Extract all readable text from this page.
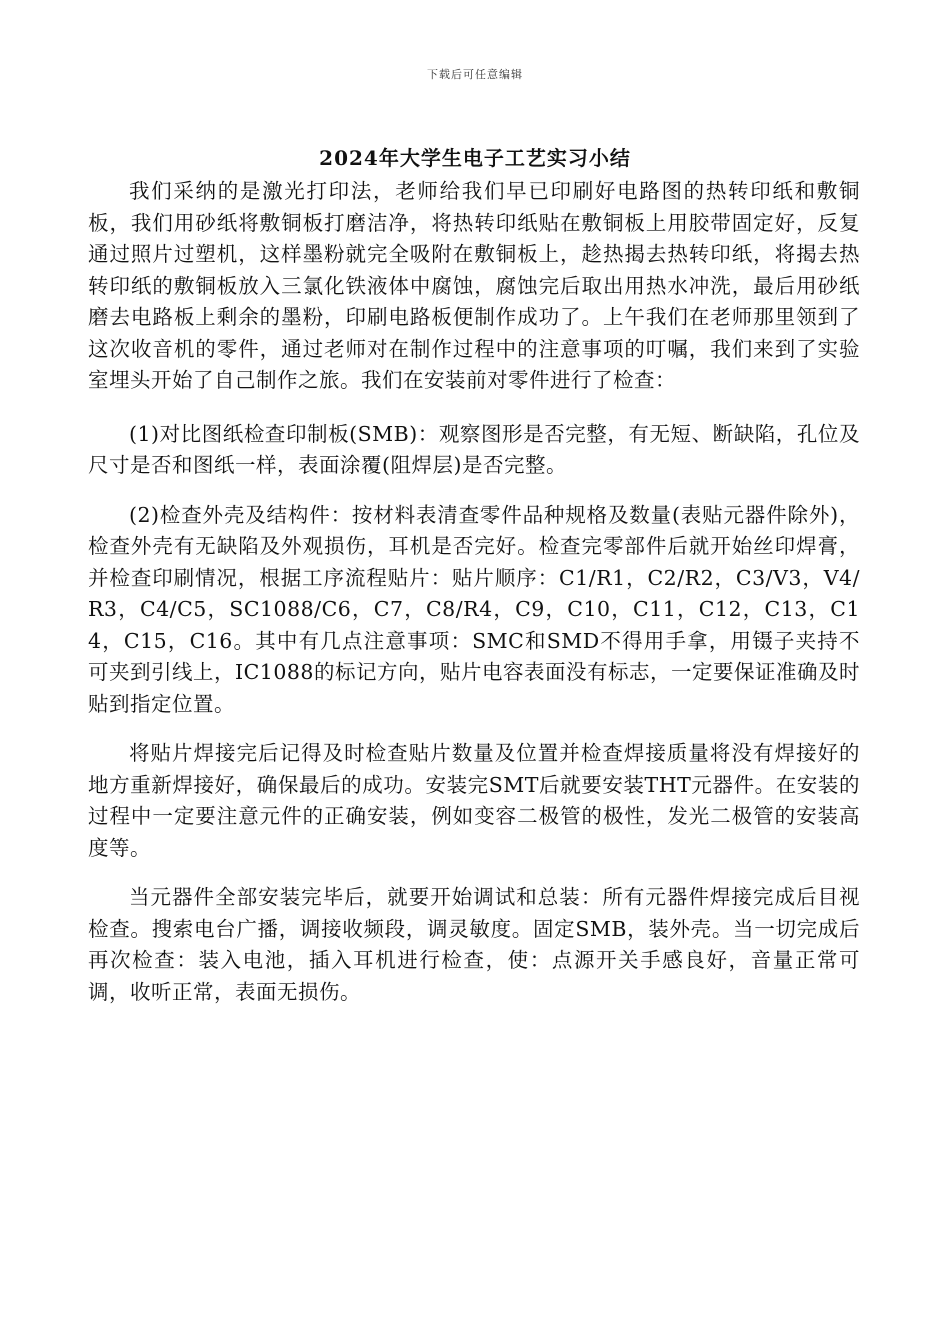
下载后可任意编辑
2024年大学生电子工艺实习小结

我们采纳的是激光打印法，老师给我们早已印刷好电路图的热转印纸和敷铜板，我们用砂纸将敷铜板打磨洁净，将热转印纸贴在敷铜板上用胶带固定好，反复通过照片过塑机，这样墨粉就完全吸附在敷铜板上，趁热揭去热转印纸，将揭去热转印纸的敷铜板放入三氯化铁液体中腐蚀，腐蚀完后取出用热水冲洗，最后用砂纸磨去电路板上剩余的墨粉，印刷电路板便制作成功了。上午我们在老师那里领到了这次收音机的零件，通过老师对在制作过程中的注意事项的叮嘱，我们来到了实验室埋头开始了自己制作之旅。我们在安装前对零件进行了检查：

(1)对比图纸检查印制板(SMB)：观察图形是否完整，有无短、断缺陷，孔位及尺寸是否和图纸一样，表面涂覆(阻焊层)是否完整。

(2)检查外壳及结构件：按材料表清查零件品种规格及数量(表贴元器件除外)，检查外壳有无缺陷及外观损伤，耳机是否完好。检查完零部件后就开始丝印焊膏，并检查印刷情况，根据工序流程贴片：贴片顺序：C1/R1，C2/R2，C3/V3，V4/R3，C4/C5，SC1088/C6，C7，C8/R4，C9，C10，C11，C12，C13，C14，C15，C16。其中有几点注意事项：SMC和SMD不得用手拿，用镊子夹持不可夹到引线上，IC1088的标记方向，贴片电容表面没有标志，一定要保证准确及时贴到指定位置。

将贴片焊接完后记得及时检查贴片数量及位置并检查焊接质量将没有焊接好的地方重新焊接好，确保最后的成功。安装完SMT后就要安装THT元器件。在安装的过程中一定要注意元件的正确安装，例如变容二极管的极性，发光二极管的安装高度等。

当元器件全部安装完毕后，就要开始调试和总装：所有元器件焊接完成后目视检查。搜索电台广播，调接收频段，调灵敏度。固定SMB，装外壳。当一切完成后再次检查：装入电池，插入耳机进行检查，使：点源开关手感良好，音量正常可调，收听正常，表面无损伤。
